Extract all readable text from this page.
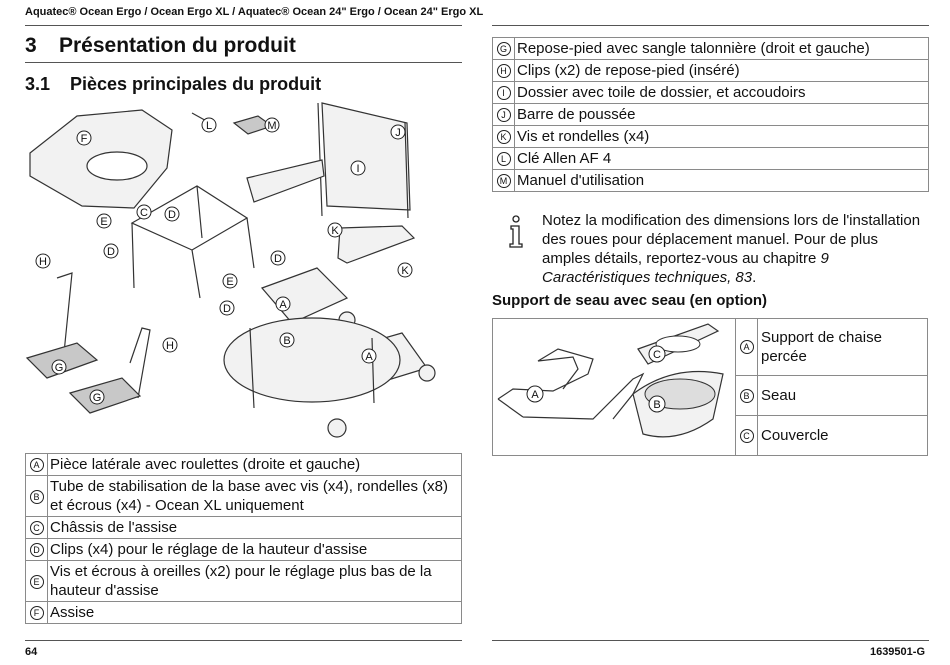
Aquatec® Ocean Ergo / Ocean Ergo XL / Aquatec® Ocean 24" Ergo / Ocean 24" Ergo XL
3 Présentation du produit
3.1 Pièces principales du produit
F
L	M
J
I
E
C D
K
H
D
D
K
E
A
D
B
H
A
G
G
A	Pièce latérale avec roulettes (droite et gauche)
B	Tube de stabilisation de la base avec vis (x4), rondelles (x8) et écrous (x4) - Ocean XL uniquement
C	Châssis de l'assise
D	Clips (x4) pour le réglage de la hauteur d'assise
E	Vis et écrous à oreilles (x2) pour le réglage plus bas de la hauteur d'assise
F	Assise
G	Repose-pied avec sangle talonnière (droit et gauche)
H	Clips (x2) de repose-pied (inséré)
I	Dossier avec toile de dossier, et accoudoirs
J	Barre de poussée
K	Vis et rondelles (x4)
L	Clé Allen AF 4
M	Manuel d'utilisation
Notez la modification des dimensions lors de l'installation des roues pour déplacement manuel. Pour de plus amples détails, reportez-vous au chapitre 9 Caractéristiques techniques, 83.
Support de seau avec seau (en option)
A
B
C	A	Support de chaise percée
	B	Seau
	C	Couvercle
64	1639501-G
